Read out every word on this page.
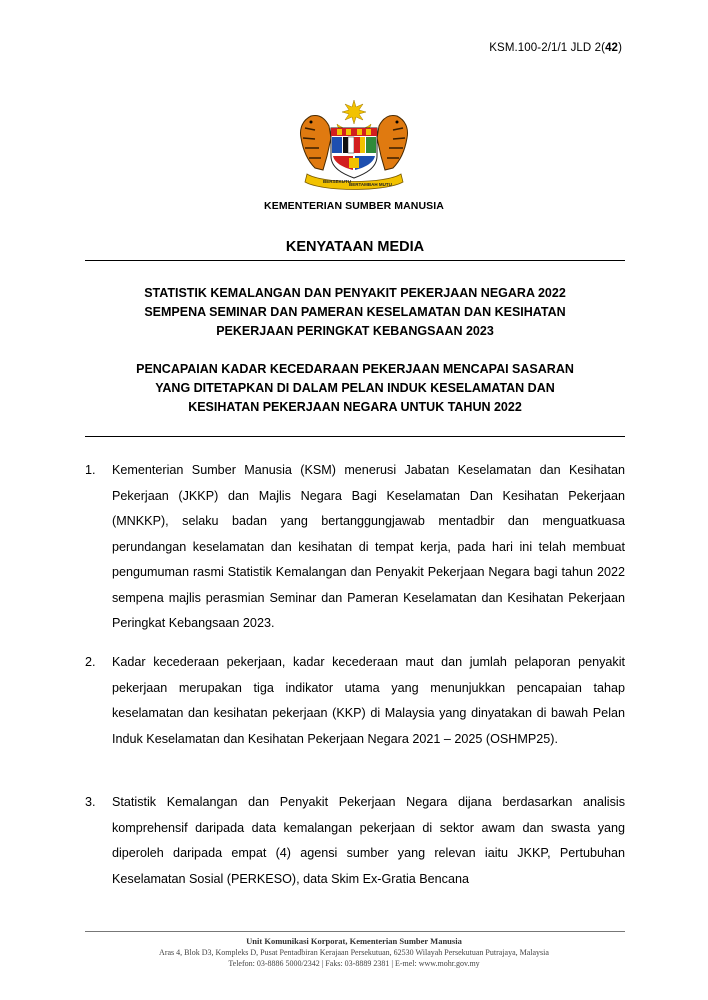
KSM.100-2/1/1 JLD 2(42)
BERSEKUTU
BERTAMBAH MUTU
KEMENTERIAN SUMBER MANUSIA
KENYATAAN MEDIA
STATISTIK KEMALANGAN DAN PENYAKIT PEKERJAAN NEGARA 2022
SEMPENA SEMINAR DAN PAMERAN KESELAMATAN DAN KESIHATAN
PEKERJAAN PERINGKAT KEBANGSAAN 2023
PENCAPAIAN KADAR KECEDARAAN PEKERJAAN MENCAPAI SASARAN
YANG DITETAPKAN DI DALAM PELAN INDUK KESELAMATAN DAN
KESIHATAN PEKERJAAN NEGARA UNTUK TAHUN 2022
1. Kementerian Sumber Manusia (KSM) menerusi Jabatan Keselamatan dan Kesihatan Pekerjaan (JKKP) dan Majlis Negara Bagi Keselamatan Dan Kesihatan Pekerjaan (MNKKP), selaku badan yang bertanggungjawab mentadbir dan menguatkuasa perundangan keselamatan dan kesihatan di tempat kerja, pada hari ini telah membuat pengumuman rasmi Statistik Kemalangan dan Penyakit Pekerjaan Negara bagi tahun 2022 sempena majlis perasmian Seminar dan Pameran Keselamatan dan Kesihatan Pekerjaan Peringkat Kebangsaan 2023.
2. Kadar kecederaan pekerjaan, kadar kecederaan maut dan jumlah pelaporan penyakit pekerjaan merupakan tiga indikator utama yang menunjukkan pencapaian tahap keselamatan dan kesihatan pekerjaan (KKP) di Malaysia yang dinyatakan di bawah Pelan Induk Keselamatan dan Kesihatan Pekerjaan Negara 2021 – 2025 (OSHMP25).
3. Statistik Kemalangan dan Penyakit Pekerjaan Negara dijana berdasarkan analisis komprehensif daripada data kemalangan pekerjaan di sektor awam dan swasta yang diperoleh daripada empat (4) agensi sumber yang relevan iaitu JKKP, Pertubuhan Keselamatan Sosial (PERKESO), data Skim Ex-Gratia Bencana
Unit Komunikasi Korporat, Kementerian Sumber Manusia
Aras 4, Blok D3, Kompleks D, Pusat Pentadbiran Kerajaan Persekutuan, 62530 Wilayah Persekutuan Putrajaya, Malaysia
Telefon: 03-8886 5000/2342 | Faks: 03-8889 2381 | E-mel: www.mohr.gov.my
